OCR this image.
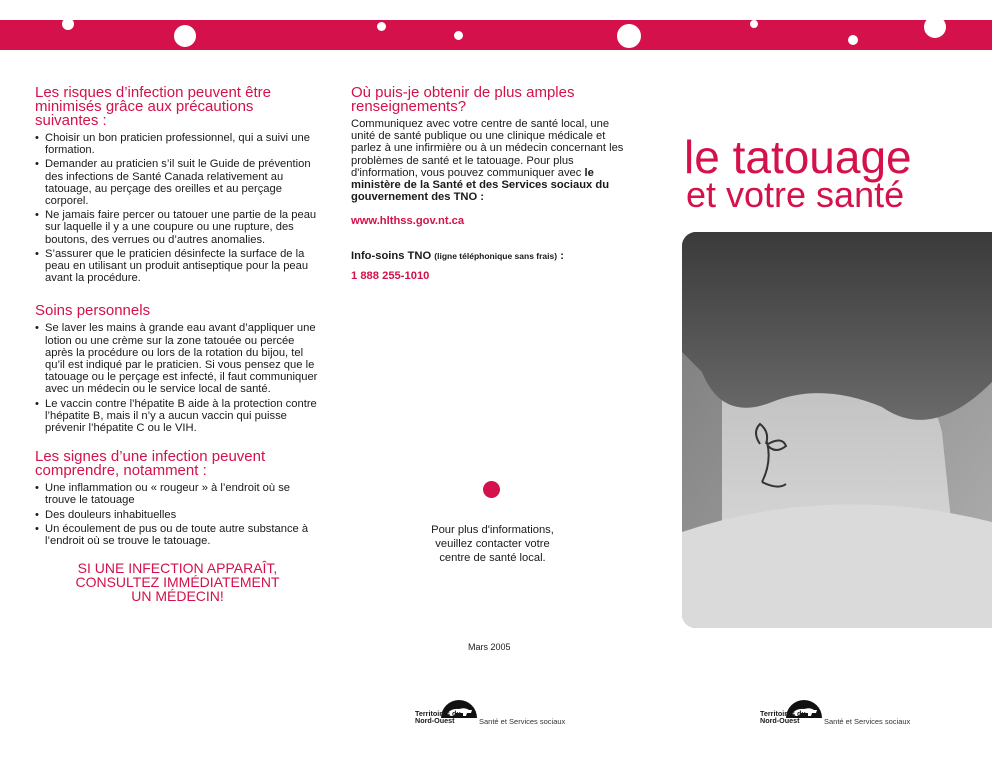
Les risques d’infection peuvent être minimisés grâce aux précautions suivantes :
• Choisir un bon praticien professionnel, qui a suivi une formation.
• Demander au praticien s’il suit le Guide de prévention des infections de Santé Canada relativement au tatouage, au perçage des oreilles et au perçage corporel.
• Ne jamais faire percer ou tatouer une partie de la peau sur laquelle il y a une coupure ou une rupture, des boutons, des verrues ou d’autres anomalies.
• S’assurer que le praticien désinfecte la surface de la peau en utilisant un produit antiseptique pour la peau avant la procédure.
Soins personnels
• Se laver les mains à grande eau avant d’appliquer une lotion ou une crème sur la zone tatouée ou percée après la procédure ou lors de la rotation du bijou, tel qu’il est indiqué par le praticien. Si vous pensez que le tatouage ou le perçage est infecté, il faut communiquer avec un médecin ou le service local de santé.
• Le vaccin contre l’hépatite B aide à la protection contre l’hépatite B, mais il n’y a aucun vaccin qui puisse prévenir l’hépatite C ou le VIH.
Les signes d’une infection peuvent comprendre, notamment :
• Une inflammation ou « rougeur » à l’endroit où se trouve le tatouage
• Des douleurs inhabituelles
• Un écoulement de pus ou de toute autre substance à l’endroit où se trouve le tatouage.
SI UNE INFECTION APPARAÎT,
CONSULTEZ IMMÉDIATEMENT
UN MÉDECIN!
Où puis-je obtenir de plus amples renseignements?

Communiquez avec votre centre de santé local, une unité de santé publique ou une clinique médicale et parlez à une infirmière ou à un médecin concernant les problèmes de santé et le tatouage. Pour plus d'information, vous pouvez communiquer avec le ministère de la Santé et des Services sociaux du gouvernement des TNO :

www.hlthss.gov.nt.ca

Info-soins TNO (ligne téléphonique sans frais) :

1 888 255-1010

Pour plus d'informations,
veuillez contacter votre
centre de santé local.
Mars 2005
Territoires du
Nord-Ouest	Santé et Services sociaux
le tatouage
et votre santé
Territoires du
Nord-Ouest	Santé et Services sociaux
